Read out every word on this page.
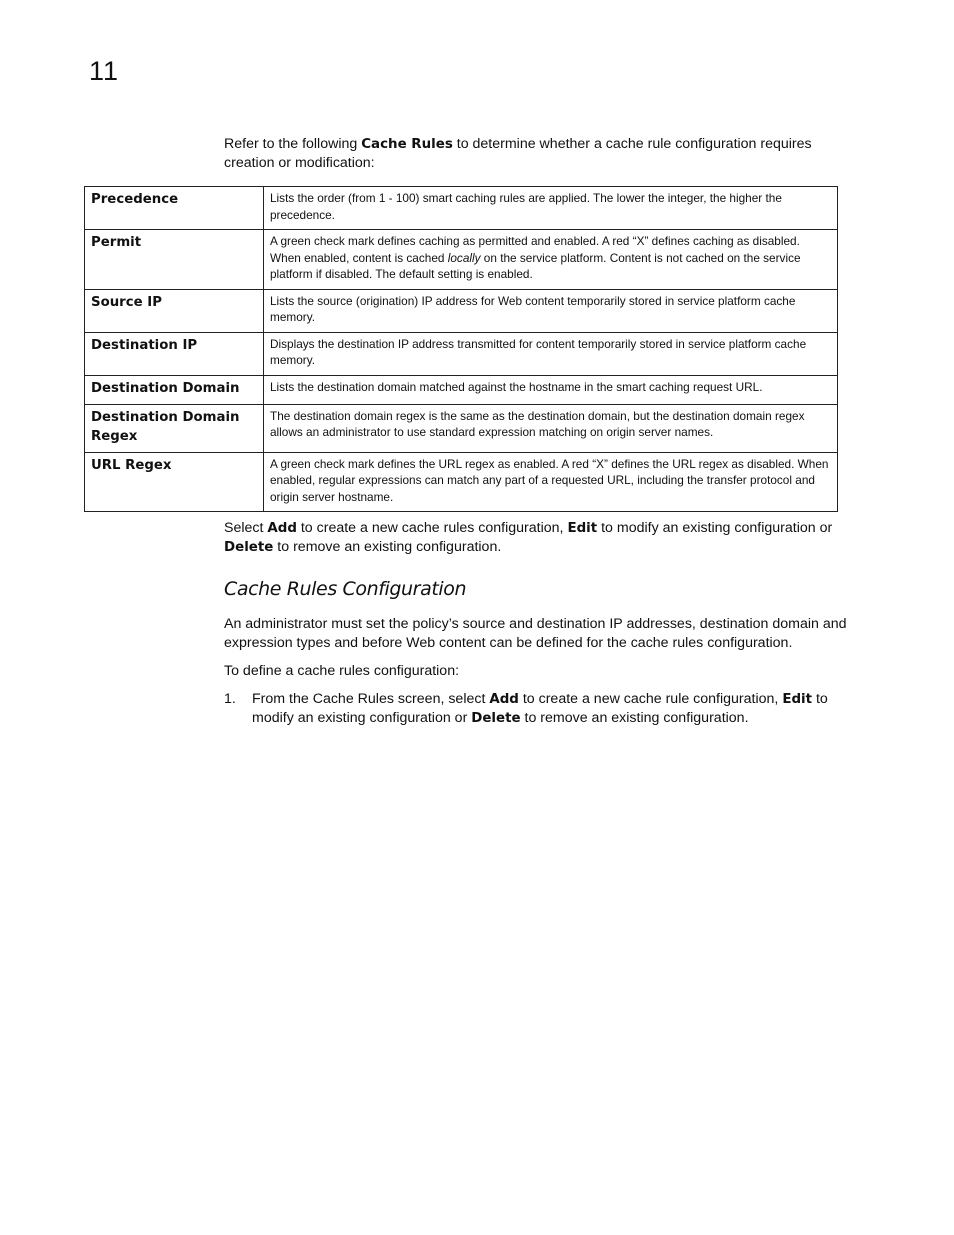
11

Refer to the following Cache Rules to determine whether a cache rule configuration requires creation or modification:

Precedence	Lists the order (from 1 - 100) smart caching rules are applied. The lower the integer, the higher the precedence.
Permit	A green check mark defines caching as permitted and enabled. A red “X” defines caching as disabled. When enabled, content is cached locally on the service platform. Content is not cached on the service platform if disabled. The default setting is enabled.
Source IP	Lists the source (origination) IP address for Web content temporarily stored in service platform cache memory.
Destination IP	Displays the destination IP address transmitted for content temporarily stored in service platform cache memory.
Destination Domain	Lists the destination domain matched against the hostname in the smart caching request URL.
Destination Domain Regex	The destination domain regex is the same as the destination domain, but the destination domain regex allows an administrator to use standard expression matching on origin server names.
URL Regex	A green check mark defines the URL regex as enabled. A red “X” defines the URL regex as disabled. When enabled, regular expressions can match any part of a requested URL, including the transfer protocol and origin server hostname.

Select Add to create a new cache rules configuration, Edit to modify an existing configuration or Delete to remove an existing configuration.

Cache Rules Configuration

An administrator must set the policy’s source and destination IP addresses, destination domain and expression types and before Web content can be defined for the cache rules configuration.

To define a cache rules configuration:

1. From the Cache Rules screen, select Add to create a new cache rule configuration, Edit to modify an existing configuration or Delete to remove an existing configuration.
